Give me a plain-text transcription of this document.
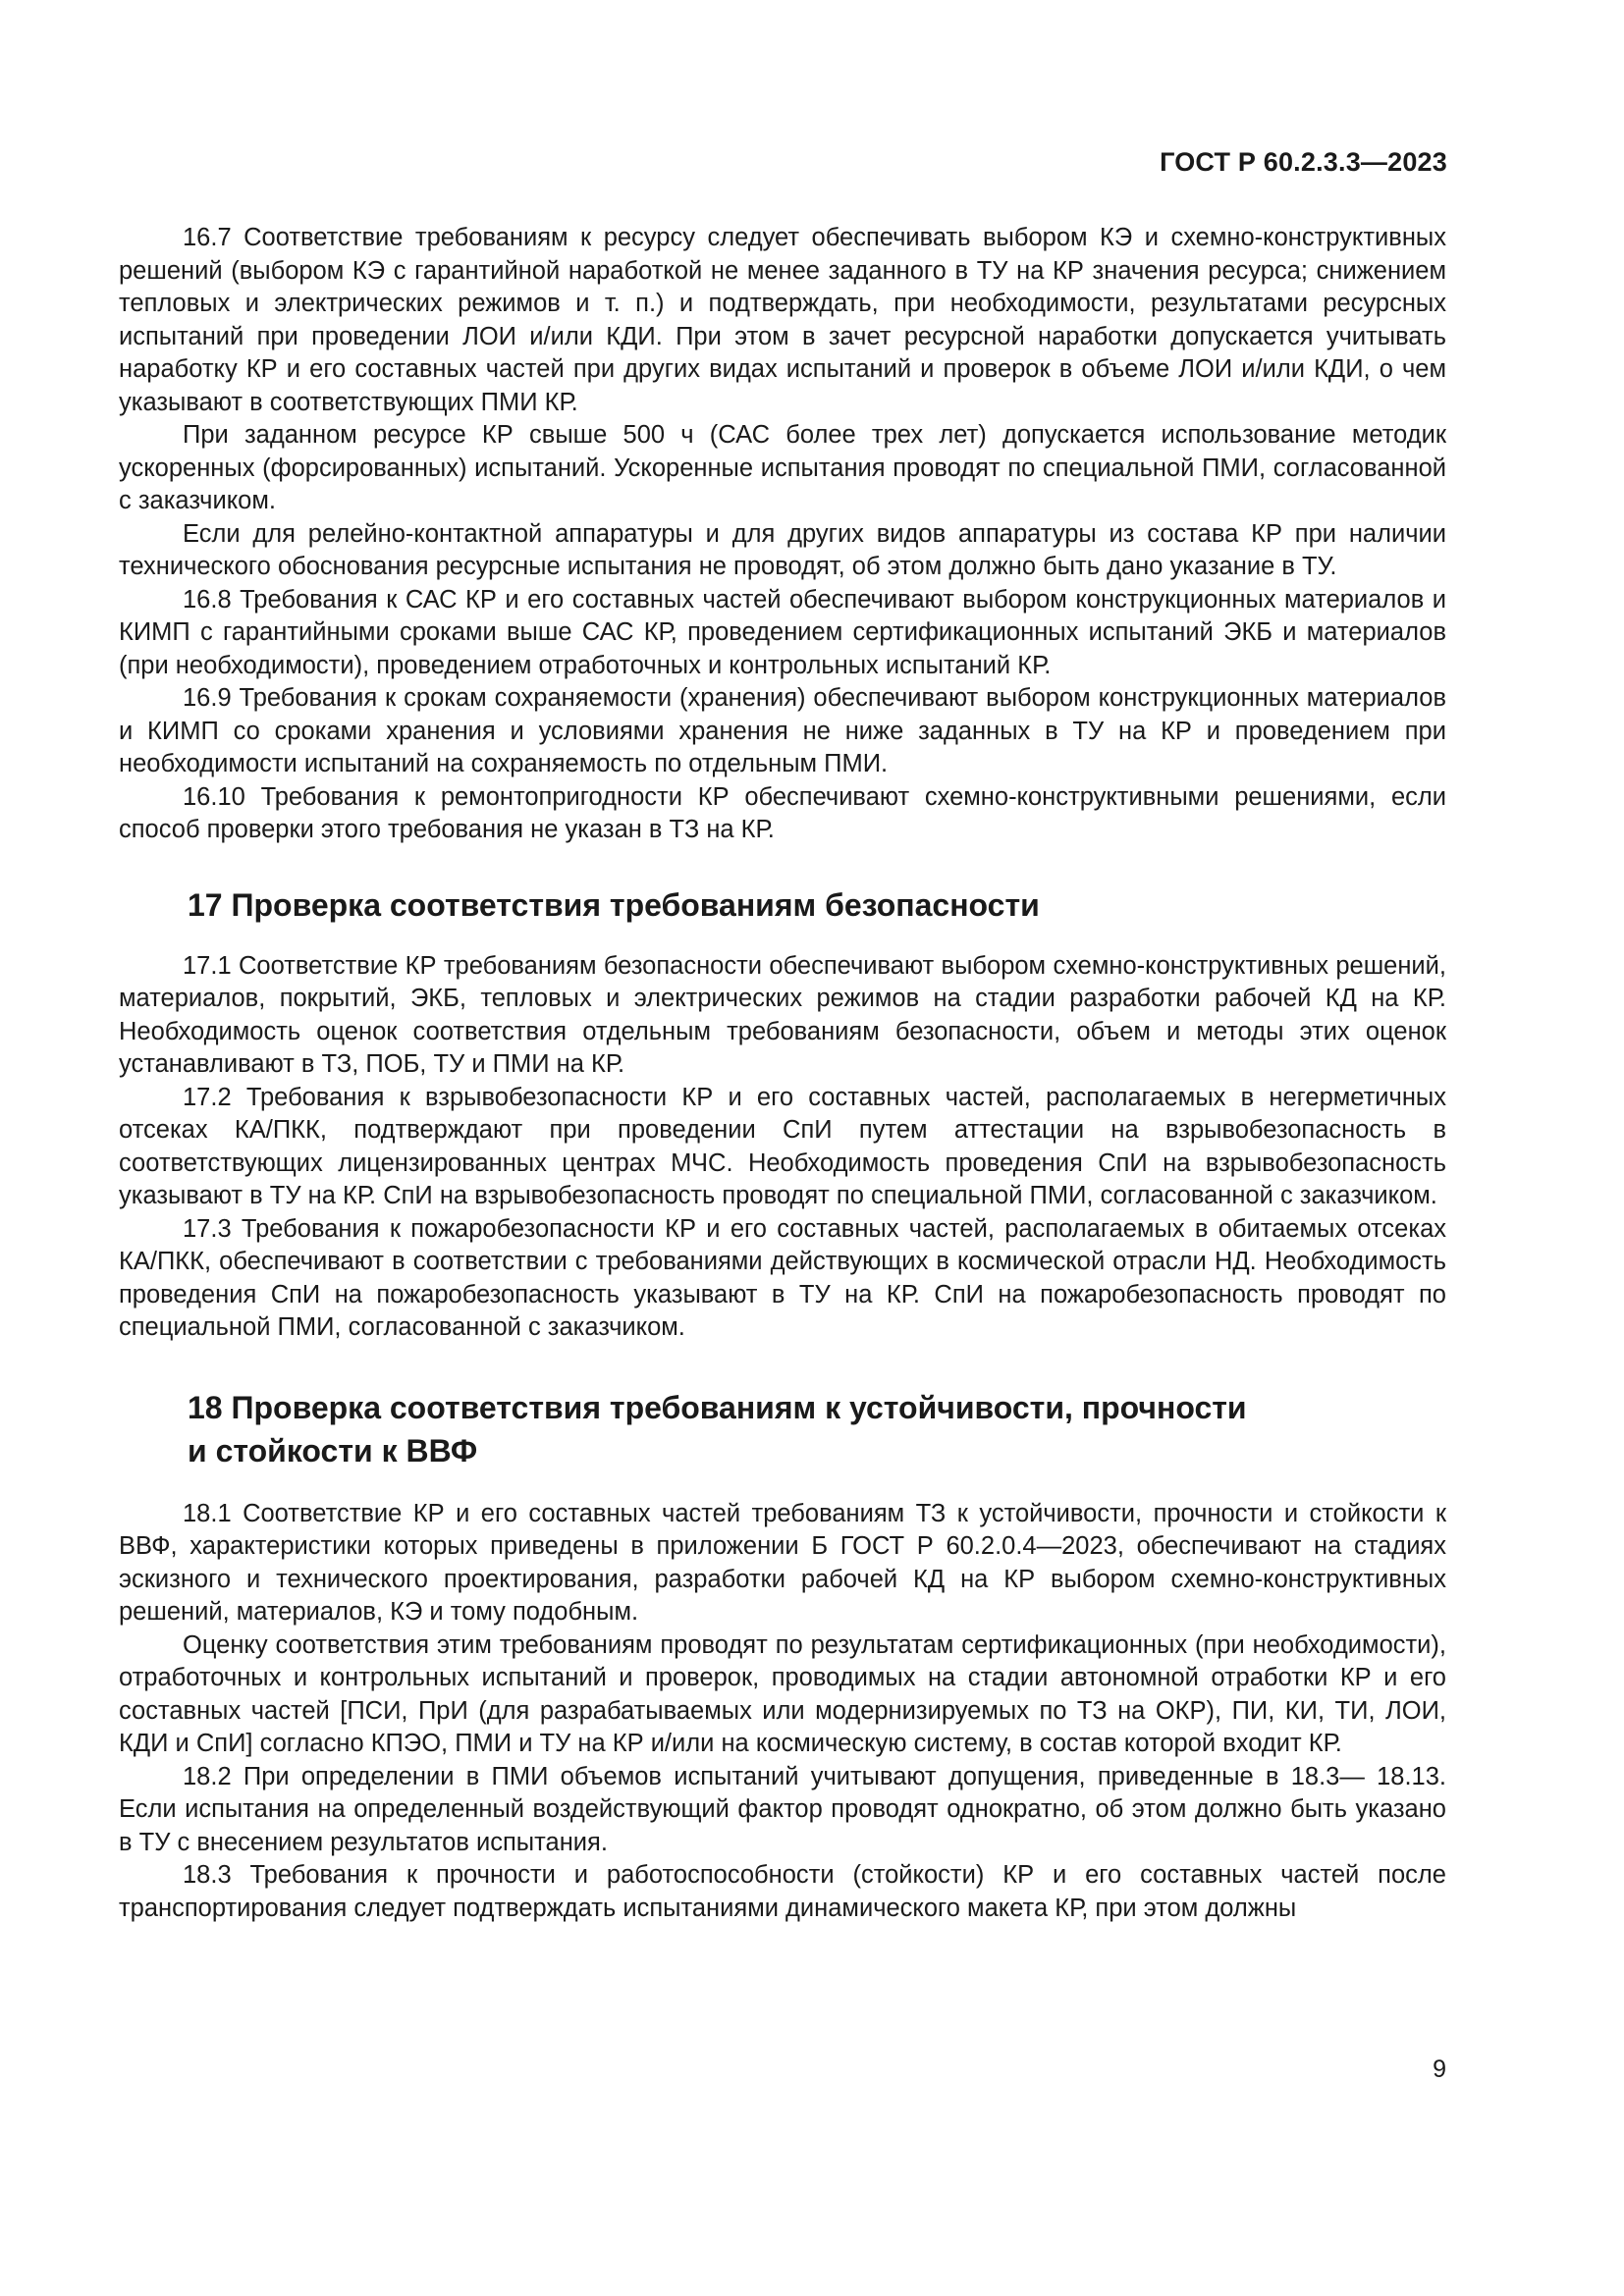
ГОСТ Р 60.2.3.3—2023

16.7 Соответствие требованиям к ресурсу следует обеспечивать выбором КЭ и схемно-конструктивных решений (выбором КЭ с гарантийной наработкой не менее заданного в ТУ на КР значения ресурса; снижением тепловых и электрических режимов и т. п.) и подтверждать, при необходимости, результатами ресурсных испытаний при проведении ЛОИ и/или КДИ. При этом в зачет ресурсной наработки допускается учитывать наработку КР и его составных частей при других видах испытаний и проверок в объеме ЛОИ и/или КДИ, о чем указывают в соответствующих ПМИ КР.

При заданном ресурсе КР свыше 500 ч (САС более трех лет) допускается использование методик ускоренных (форсированных) испытаний. Ускоренные испытания проводят по специальной ПМИ, согласованной с заказчиком.

Если для релейно-контактной аппаратуры и для других видов аппаратуры из состава КР при наличии технического обоснования ресурсные испытания не проводят, об этом должно быть дано указание в ТУ.

16.8 Требования к САС КР и его составных частей обеспечивают выбором конструкционных материалов и КИМП с гарантийными сроками выше САС КР, проведением сертификационных испытаний ЭКБ и материалов (при необходимости), проведением отработочных и контрольных испытаний КР.

16.9 Требования к срокам сохраняемости (хранения) обеспечивают выбором конструкционных материалов и КИМП со сроками хранения и условиями хранения не ниже заданных в ТУ на КР и проведением при необходимости испытаний на сохраняемость по отдельным ПМИ.

16.10 Требования к ремонтопригодности КР обеспечивают схемно-конструктивными решениями, если способ проверки этого требования не указан в ТЗ на КР.

17 Проверка соответствия требованиям безопасности

17.1 Соответствие КР требованиям безопасности обеспечивают выбором схемно-конструктивных решений, материалов, покрытий, ЭКБ, тепловых и электрических режимов на стадии разработки рабочей КД на КР. Необходимость оценок соответствия отдельным требованиям безопасности, объем и методы этих оценок устанавливают в ТЗ, ПОБ, ТУ и ПМИ на КР.

17.2 Требования к взрывобезопасности КР и его составных частей, располагаемых в негерметичных отсеках КА/ПКК, подтверждают при проведении СпИ путем аттестации на взрывобезопасность в соответствующих лицензированных центрах МЧС. Необходимость проведения СпИ на взрывобезопасность указывают в ТУ на КР. СпИ на взрывобезопасность проводят по специальной ПМИ, согласованной с заказчиком.

17.3 Требования к пожаробезопасности КР и его составных частей, располагаемых в обитаемых отсеках КА/ПКК, обеспечивают в соответствии с требованиями действующих в космической отрасли НД. Необходимость проведения СпИ на пожаробезопасность указывают в ТУ на КР. СпИ на пожаробезопасность проводят по специальной ПМИ, согласованной с заказчиком.

18 Проверка соответствия требованиям к устойчивости, прочности
и стойкости к ВВФ

18.1 Соответствие КР и его составных частей требованиям ТЗ к устойчивости, прочности и стойкости к ВВФ, характеристики которых приведены в приложении Б ГОСТ Р 60.2.0.4—2023, обеспечивают на стадиях эскизного и технического проектирования, разработки рабочей КД на КР выбором схемно-конструктивных решений, материалов, КЭ и тому подобным.

Оценку соответствия этим требованиям проводят по результатам сертификационных (при необходимости), отработочных и контрольных испытаний и проверок, проводимых на стадии автономной отработки КР и его составных частей [ПСИ, ПрИ (для разрабатываемых или модернизируемых по ТЗ на ОКР), ПИ, КИ, ТИ, ЛОИ, КДИ и СпИ] согласно КПЭО, ПМИ и ТУ на КР и/или на космическую систему, в состав которой входит КР.

18.2 При определении в ПМИ объемов испытаний учитывают допущения, приведенные в 18.3— 18.13. Если испытания на определенный воздействующий фактор проводят однократно, об этом должно быть указано в ТУ с внесением результатов испытания.

18.3 Требования к прочности и работоспособности (стойкости) КР и его составных частей после транспортирования следует подтверждать испытаниями динамического макета КР, при этом должны

9
